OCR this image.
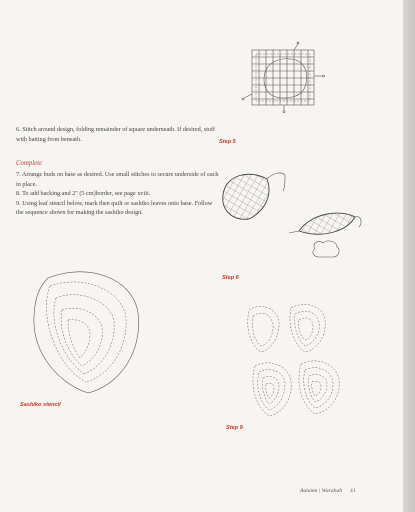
6. Stitch around design, folding remainder of square underneath. If desired, stuff with batting from beneath.
Complete

7. Arrange buds on base as desired. Use small stitches to secure underside of each in place.

8. To add backing and 2" (5 cm)border, see page xviii.

9. Using leaf stencil below, mark then quilt or sashiko leaves onto base. Follow the sequence shown for making the sashiko design.

Step 5
Step 6
Sashiko stencil
Step 9
Autumn | Warabah 41
